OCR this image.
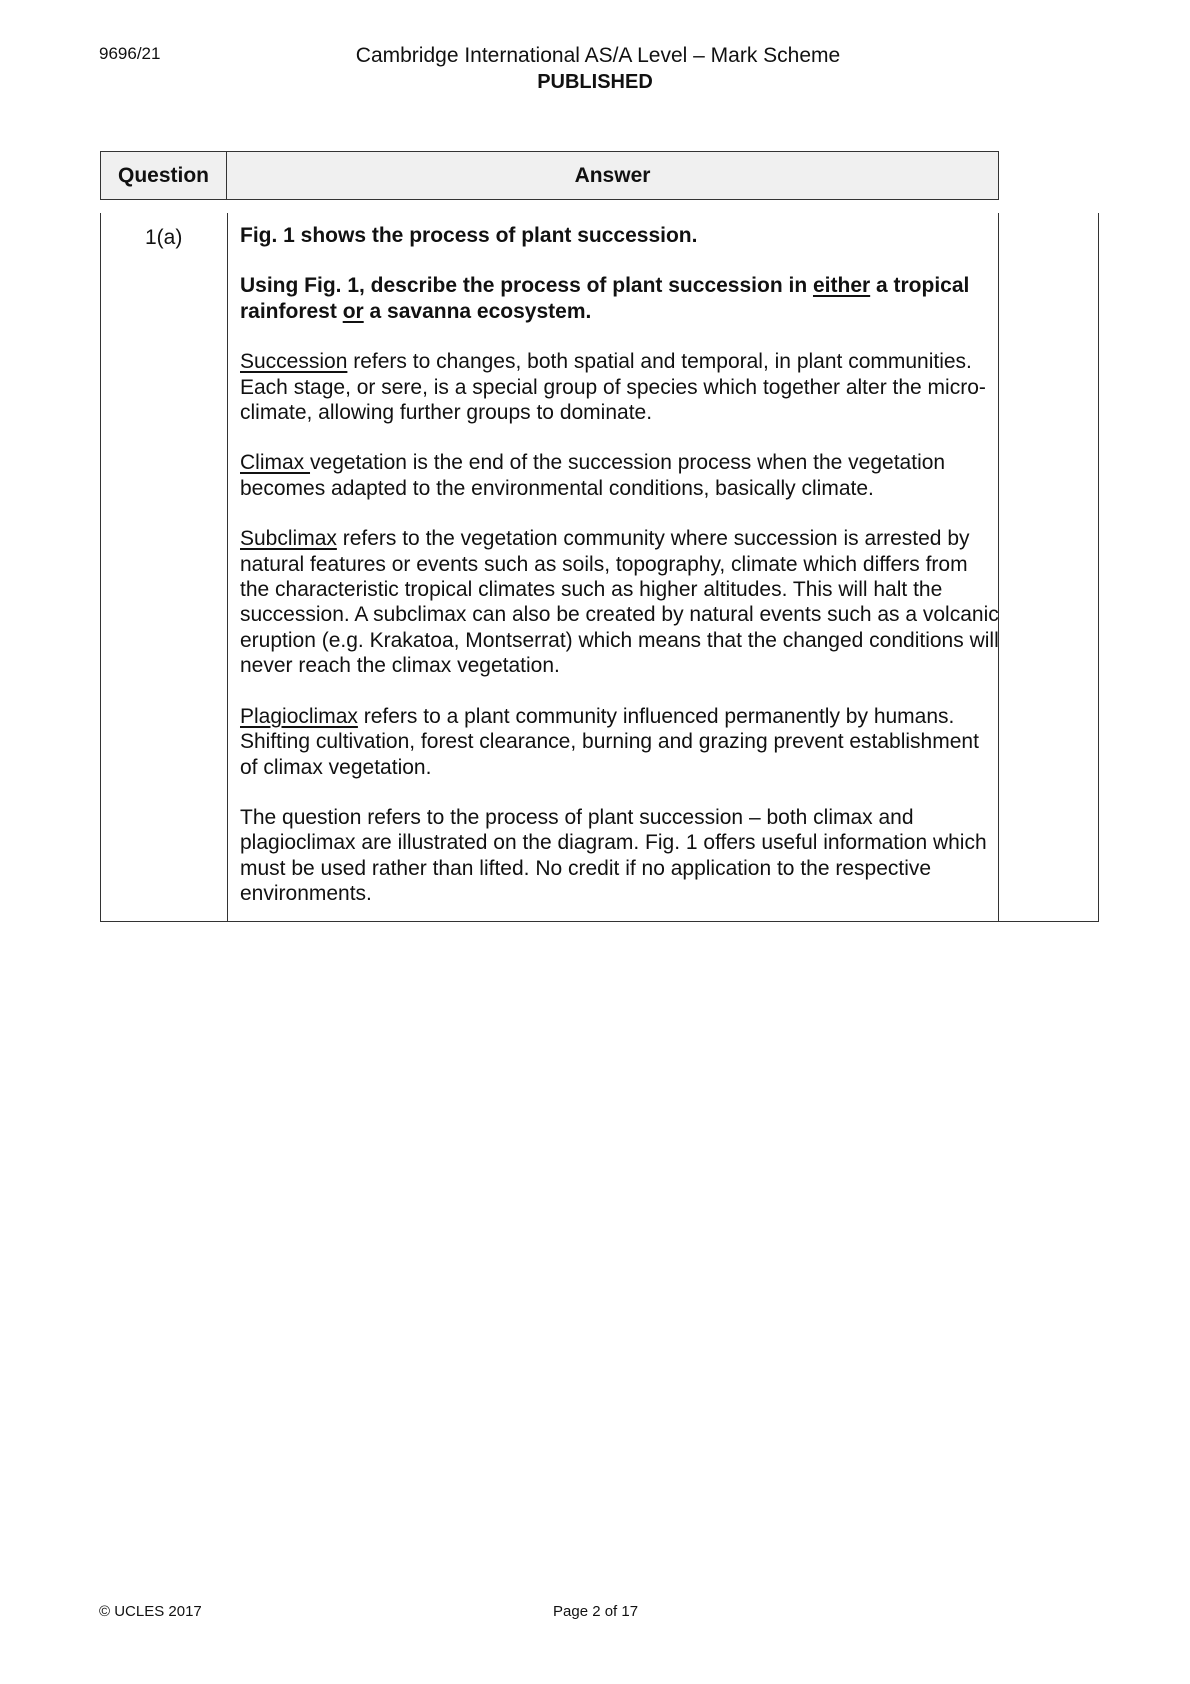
9696/21	Cambridge International AS/A Level – Mark Scheme
PUBLISHED
Question	Answer
1(a)	Fig. 1 shows the process of plant succession.

Using Fig. 1, describe the process of plant succession in either a tropical rainforest or a savanna ecosystem.

Succession refers to changes, both spatial and temporal, in plant communities. Each stage, or sere, is a special group of species which together alter the micro-climate, allowing further groups to dominate.

Climax vegetation is the end of the succession process when the vegetation becomes adapted to the environmental conditions, basically climate.

Subclimax refers to the vegetation community where succession is arrested by natural features or events such as soils, topography, climate which differs from the characteristic tropical climates such as higher altitudes. This will halt the succession. A subclimax can also be created by natural events such as a volcanic eruption (e.g. Krakatoa, Montserrat) which means that the changed conditions will never reach the climax vegetation.

Plagioclimax refers to a plant community influenced permanently by humans. Shifting cultivation, forest clearance, burning and grazing prevent establishment of climax vegetation.

The question refers to the process of plant succession – both climax and plagioclimax are illustrated on the diagram. Fig. 1 offers useful information which must be used rather than lifted. No credit if no application to the respective environments.

© UCLES 2017	Page 2 of 17
